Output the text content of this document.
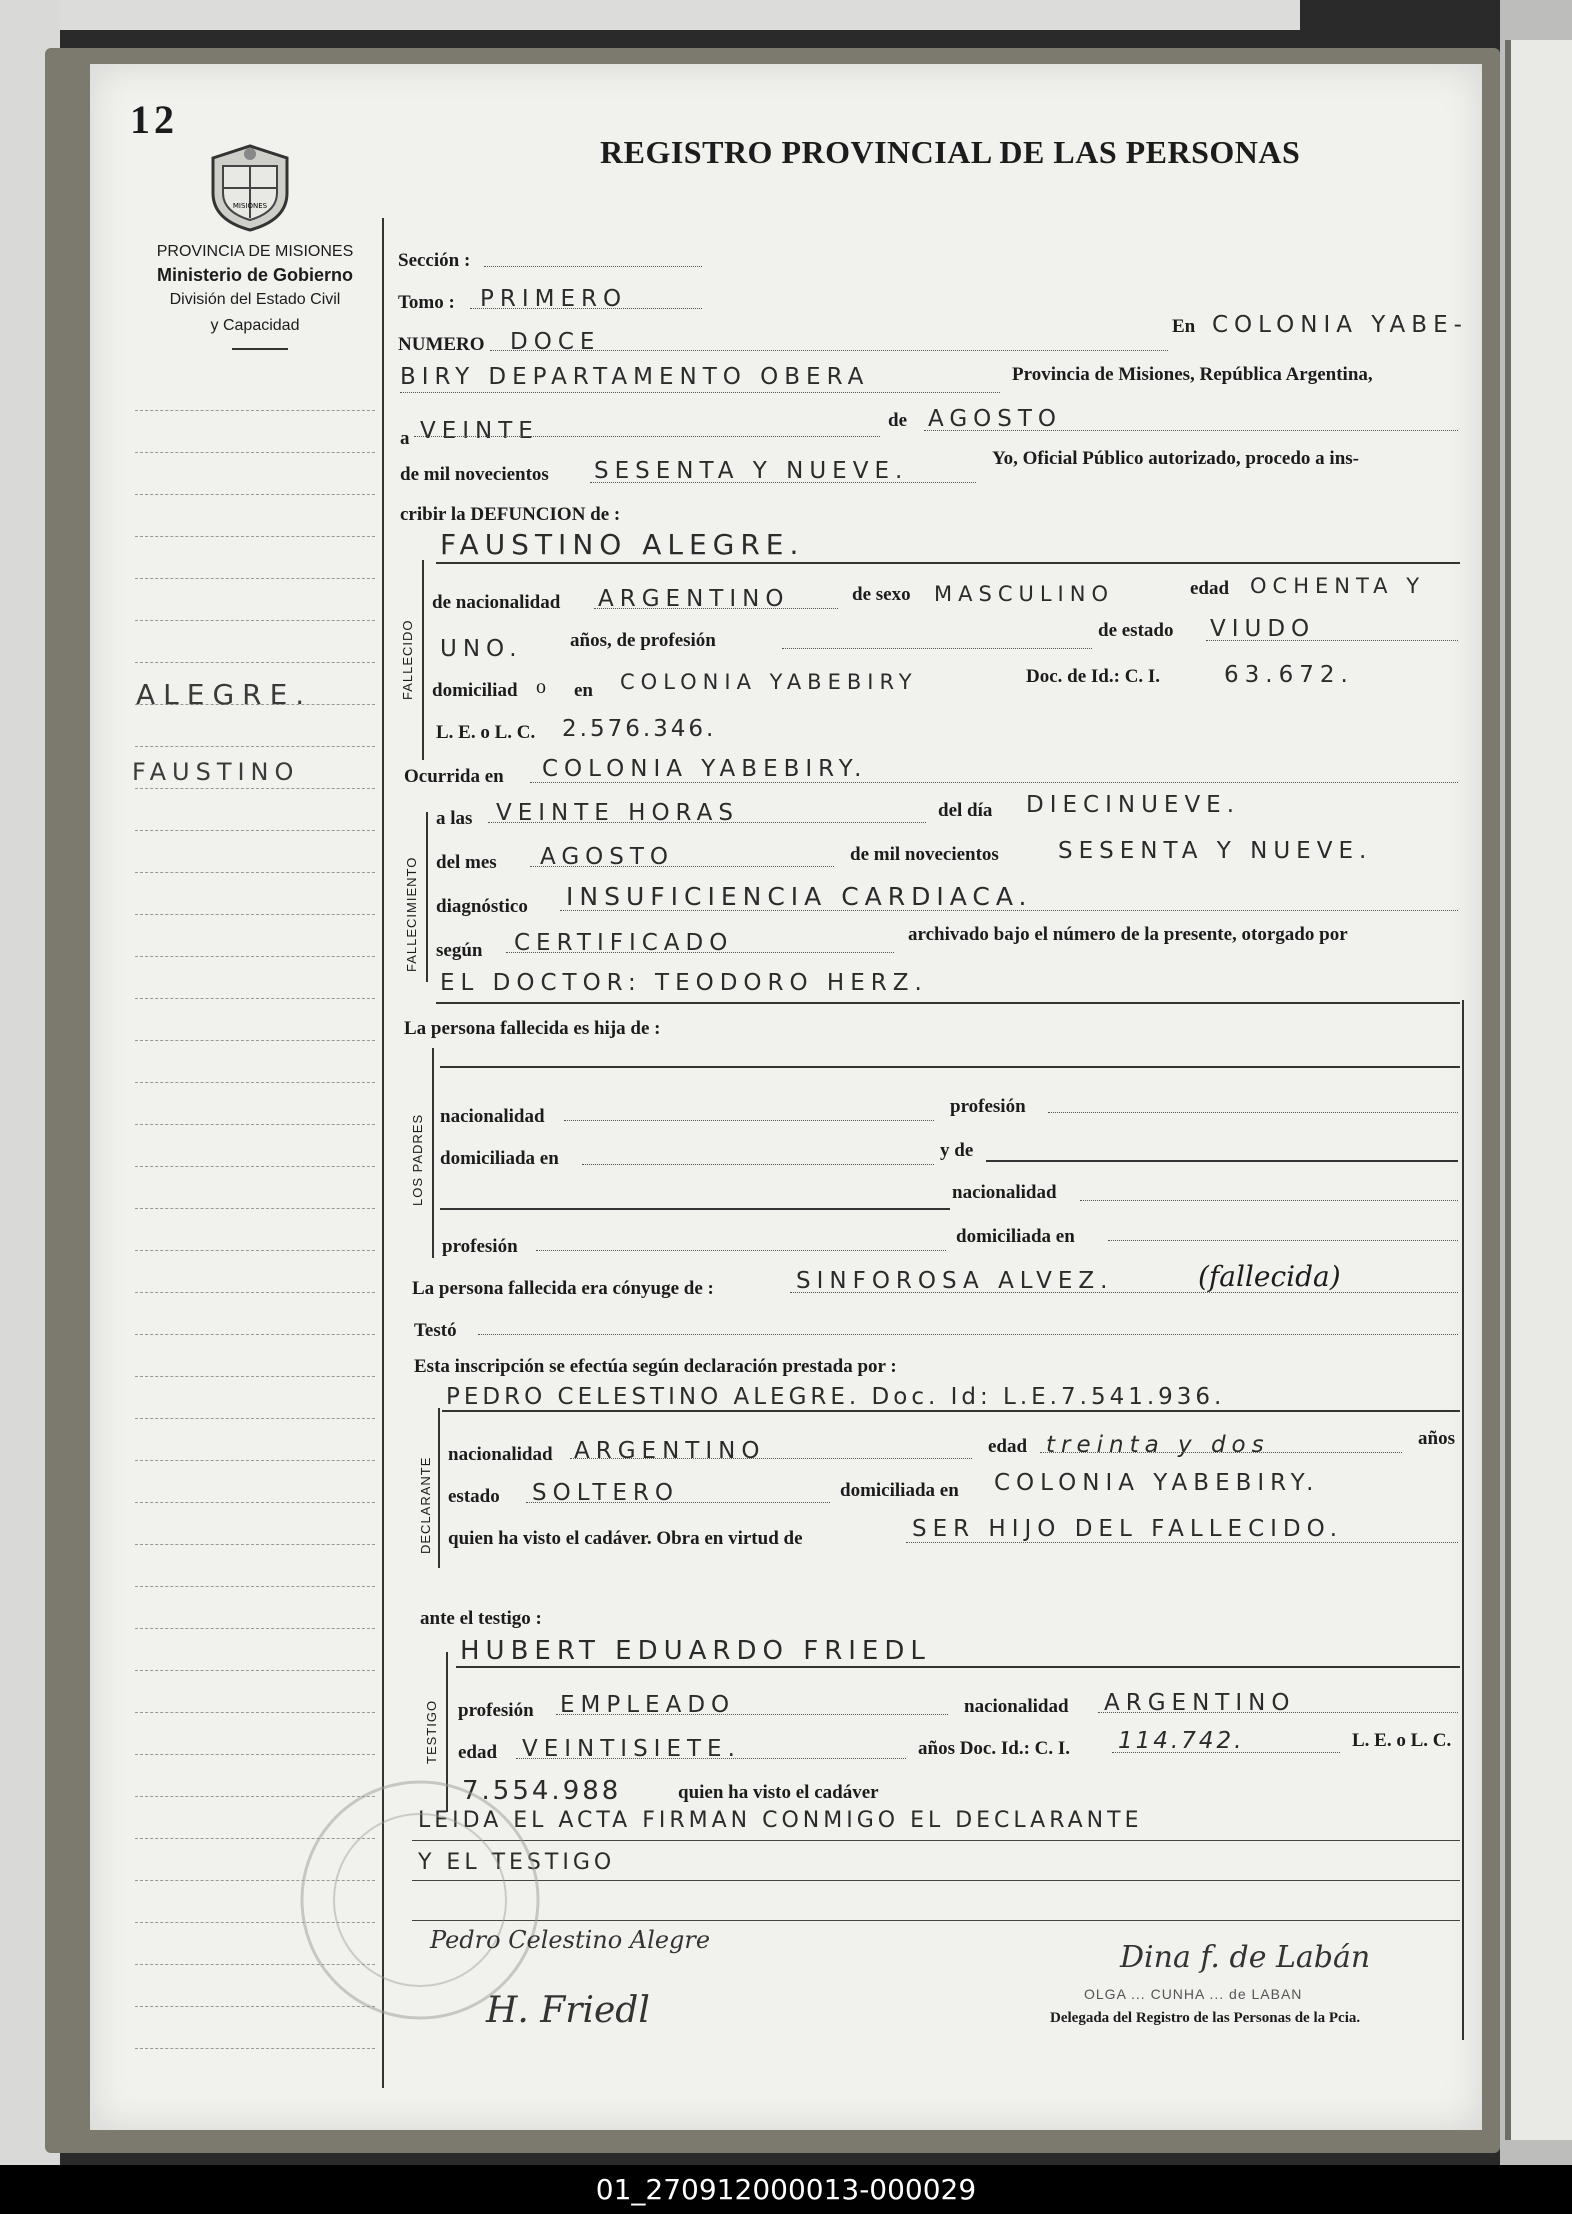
12
REGISTRO PROVINCIAL DE LAS PERSONAS
MISIONES
PROVINCIA DE MISIONES
Ministerio de Gobierno
División del Estado Civil
y Capacidad
ALEGRE.
FAUSTINO
Sección :
Tomo : PRIMERO
NUMERO DOCE
En COLONIA YABE-
BIRY DEPARTAMENTO OBERA	Provincia de Misiones, República Argentina,
a VEINTE	de AGOSTO
de mil novecientos SESENTA Y NUEVE.	Yo, Oficial Público autorizado, procedo a ins-
cribir la DEFUNCION de :
FALLECIDO
FAUSTINO ALEGRE.
de nacionalidad ARGENTINO	de sexo MASCULINO	edad OCHENTA Y
UNO. años, de profesión	de estado VIUDO
domiciliad o en COLONIA YABEBIRY	Doc. de Id.: C. I.	63.672.
L. E. o L. C. 2.576.346.
Ocurrida en COLONIA YABEBIRY.
FALLECIMIENTO
a las VEINTE HORAS	del día DIECINUEVE.
del mes AGOSTO	de mil novecientos	SESENTA Y NUEVE.
diagnóstico INSUFICIENCIA CARDIACA.
según CERTIFICADO	archivado bajo el número de la presente, otorgado por
EL DOCTOR: TEODORO HERZ.
La persona fallecida es hija de :
LOS PADRES nacionalidad	profesión
domiciliada en	y de
nacionalidad
profesión	domiciliada en
La persona fallecida era cónyuge de :	SINFOROSA ALVEZ.	(fallecida)
Testó
Esta inscripción se efectúa según declaración prestada por :
DECLARANTE
PEDRO CELESTINO ALEGRE. Doc. Id: L.E.7.541.936.
nacionalidad ARGENTINO	edad treinta y dos	años
estado SOLTERO	domiciliada en COLONIA YABEBIRY.
quien ha visto el cadáver. Obra en virtud de	SER HIJO DEL FALLECIDO.
ante el testigo :
TESTIGO
HUBERT EDUARDO FRIEDL
profesión EMPLEADO	nacionalidad ARGENTINO
edad VEINTISIETE.	años Doc. Id.: C. I. 114.742.	L. E. o L. C.
7.554.988	quien ha visto el cadáver
LEIDA EL ACTA FIRMAN CONMIGO EL DECLARANTE
Y EL TESTIGO
Pedro Celestino Alegre
H. Friedl
Dina f. de Labán
OLGA ... CUNHA ... de LABAN
Delegada del Registro de las Personas de la Pcia.
01_270912000013-000029
